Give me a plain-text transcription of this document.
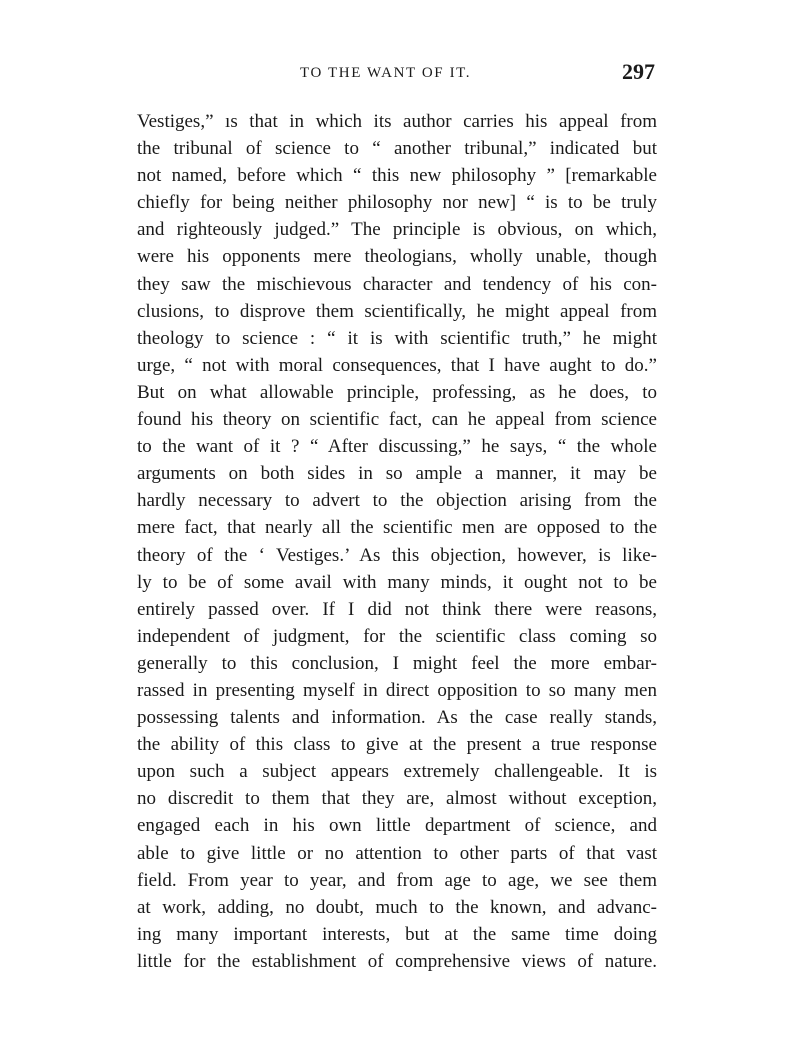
TO THE WANT OF IT.	297
Vestiges,” ıs that in which its author carries his appeal from
the tribunal of science to “ another tribunal,” indicated but
not named, before which “ this new philosophy ” [remarkable
chiefly for being neither philosophy nor new] “ is to be truly
and righteously judged.” The principle is obvious, on which,
were his opponents mere theologians, wholly unable, though
they saw the mischievous character and tendency of his con-
clusions, to disprove them scientifically, he might appeal from
theology to science : “ it is with scientific truth,” he might
urge, “ not with moral consequences, that I have aught to do.”
But on what allowable principle, professing, as he does, to
found his theory on scientific fact, can he appeal from science
to the want of it ? “ After discussing,” he says, “ the whole
arguments on both sides in so ample a manner, it may be
hardly necessary to advert to the objection arising from the
mere fact, that nearly all the scientific men are opposed to the
theory of the ‘ Vestiges.’ As this objection, however, is like-
ly to be of some avail with many minds, it ought not to be
entirely passed over. If I did not think there were reasons,
independent of judgment, for the scientific class coming so
generally to this conclusion, I might feel the more embar-
rassed in presenting myself in direct opposition to so many men
possessing talents and information. As the case really stands,
the ability of this class to give at the present a true response
upon such a subject appears extremely challengeable. It is
no discredit to them that they are, almost without exception,
engaged each in his own little department of science, and
able to give little or no attention to other parts of that vast
field. From year to year, and from age to age, we see them
at work, adding, no doubt, much to the known, and advanc-
ing many important interests, but at the same time doing
little for the establishment of comprehensive views of nature.
